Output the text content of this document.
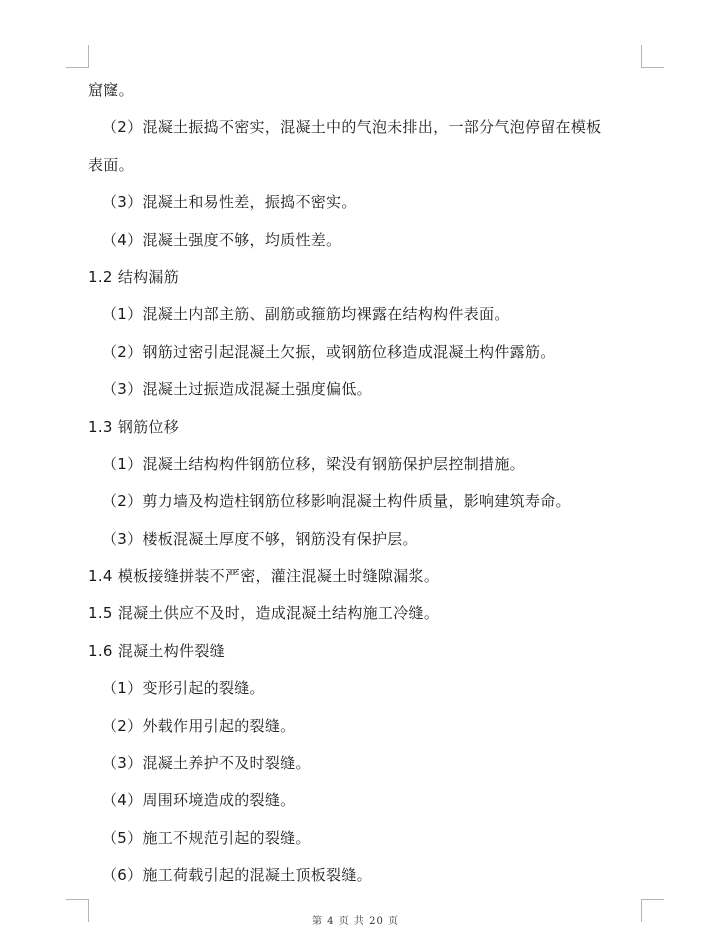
窟窿。
（2）混凝土振捣不密实，混凝土中的气泡未排出，一部分气泡停留在模板
表面。
（3）混凝土和易性差，振捣不密实。
（4）混凝土强度不够，均质性差。
1.2 结构漏筋
（1）混凝土内部主筋、副筋或箍筋均裸露在结构构件表面。
（2）钢筋过密引起混凝土欠振，或钢筋位移造成混凝土构件露筋。
（3）混凝土过振造成混凝土强度偏低。
1.3 钢筋位移
（1）混凝土结构构件钢筋位移，梁没有钢筋保护层控制措施。
（2）剪力墙及构造柱钢筋位移影响混凝土构件质量，影响建筑寿命。
（3）楼板混凝土厚度不够，钢筋没有保护层。
1.4 模板接缝拼装不严密，灌注混凝土时缝隙漏浆。
1.5 混凝土供应不及时，造成混凝土结构施工冷缝。
1.6 混凝土构件裂缝
（1）变形引起的裂缝。
（2）外载作用引起的裂缝。
（3）混凝土养护不及时裂缝。
（4）周围环境造成的裂缝。
（5）施工不规范引起的裂缝。
（6）施工荷载引起的混凝土顶板裂缝。
第 4 页 共 20 页
